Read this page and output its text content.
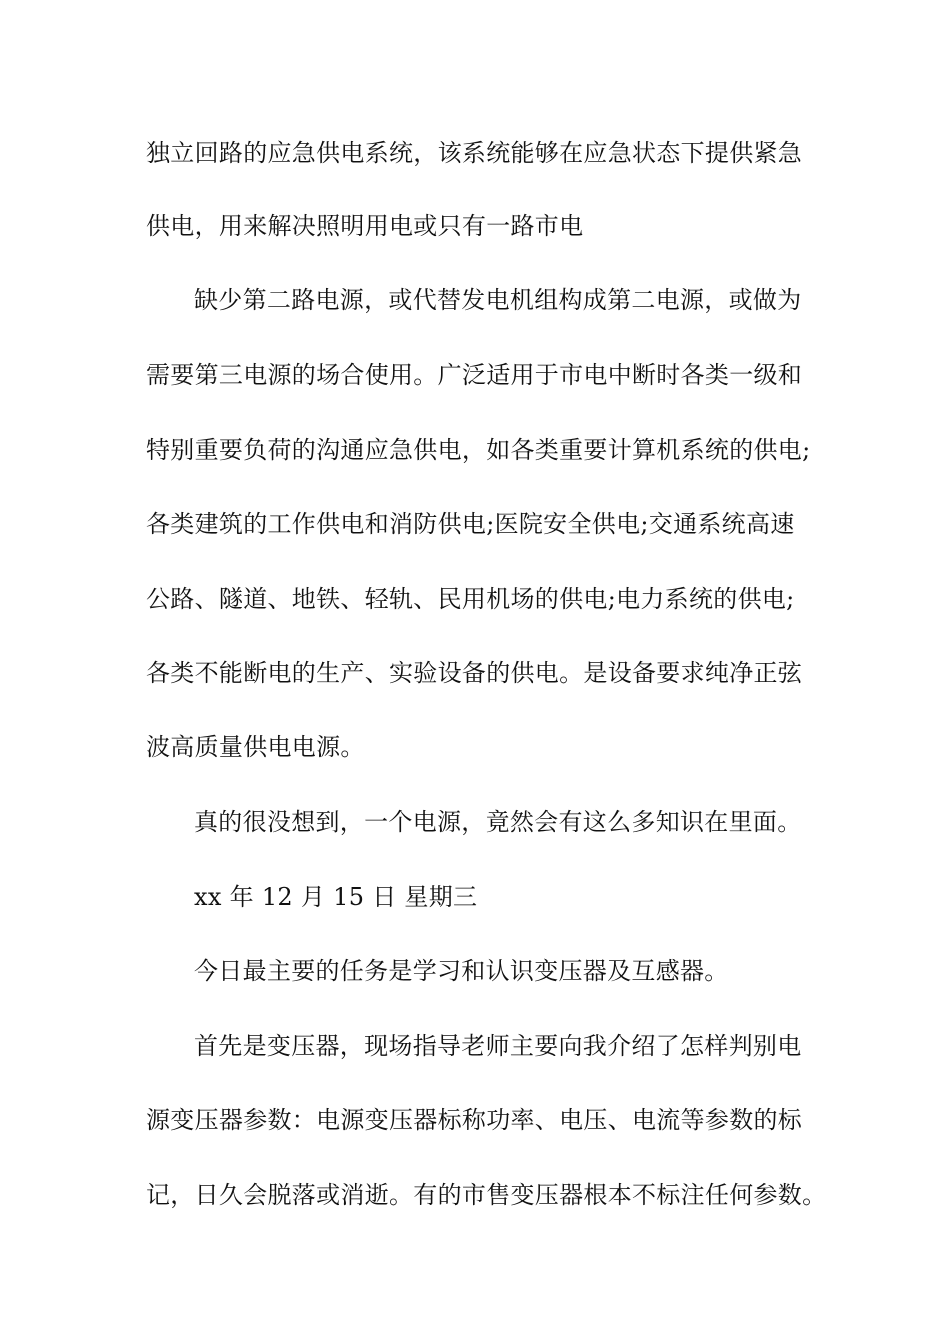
独立回路的应急供电系统，该系统能够在应急状态下提供紧急
供电，用来解决照明用电或只有一路市电
缺少第二路电源，或代替发电机组构成第二电源，或做为
需要第三电源的场合使用。广泛适用于市电中断时各类一级和
特别重要负荷的沟通应急供电，如各类重要计算机系统的供电;
各类建筑的工作供电和消防供电;医院安全供电;交通系统高速
公路、隧道、地铁、轻轨、民用机场的供电;电力系统的供电;
各类不能断电的生产、实验设备的供电。是设备要求纯净正弦
波高质量供电电源。
真的很没想到，一个电源，竟然会有这么多知识在里面。
xx 年 12 月 15 日 星期三
今日最主要的任务是学习和认识变压器及互感器。
首先是变压器，现场指导老师主要向我介绍了怎样判别电
源变压器参数：电源变压器标称功率、电压、电流等参数的标
记，日久会脱落或消逝。有的市售变压器根本不标注任何参数。
